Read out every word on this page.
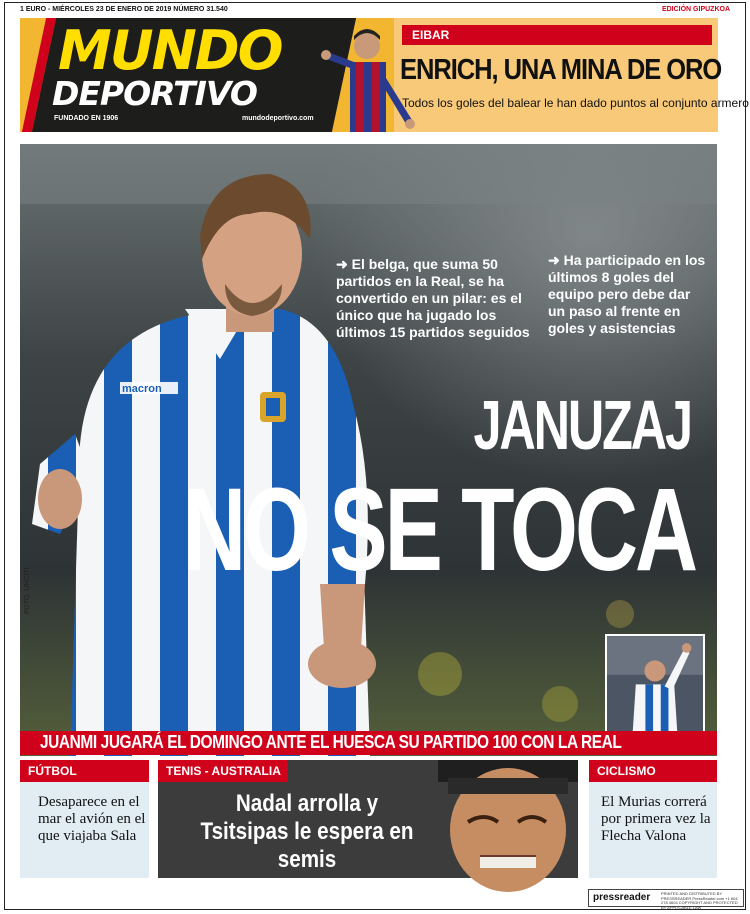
1 EURO - MIÉRCOLES 23 DE ENERO DE 2019 NÚMERO 31.540	EDICIÓN GIPUZKOA
MUNDO
DEPORTIVO
FUNDADO EN 1906	mundodeportivo.com
EIBAR
ENRICH, UNA MINA DE ORO
Todos los goles del balear le han dado puntos al conjunto armero
macron
➜ El belga, que suma 50 partidos en la Real, se ha convertido en un pilar: es el único que ha jugado los últimos 15 partidos seguidos
➜ Ha participado en los últimos 8 goles del equipo pero debe dar un paso al frente en goles y asistencias
JANUZAJ
NO SE TOCA
FOTO: UNCITI
JUANMI JUGARÁ EL DOMINGO ANTE EL HUESCA SU PARTIDO 100 CON LA REAL
FÚTBOL
Desaparece en el mar el avión en el que viajaba Sala
TENIS - AUSTRALIA
Nadal arrolla y Tsitsipas le espera en semis
CICLISMO
El Murias correrá por primera vez la Flecha Valona
pressreader	PRINTED AND DISTRIBUTED BY PRESSREADER PressReader.com +1 604 278 4604 COPYRIGHT AND PROTECTED BY APPLICABLE LAW
